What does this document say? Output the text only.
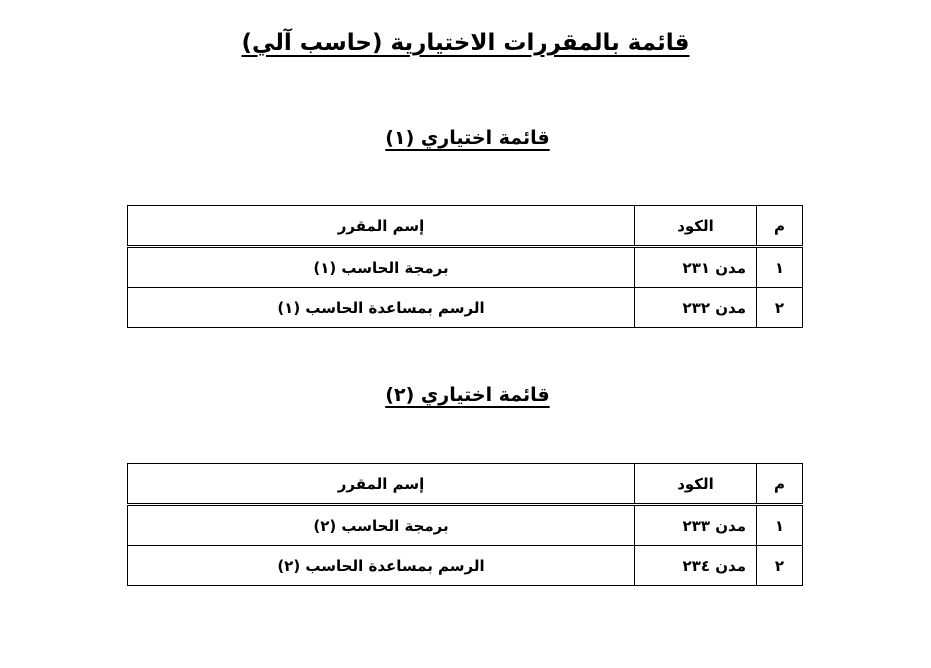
قائمة بالمقررات الاختيارية (حاسب آلي)
قائمة اختياري (١)
م	الكود	إسم المقرر
١	مدن ٢٣١	برمجة الحاسب (١)
٢	مدن ٢٣٢	الرسم بمساعدة الحاسب (١)
قائمة اختياري (٢)
م	الكود	إسم المقرر
١	مدن ٢٣٣	برمجة الحاسب (٢)
٢	مدن ٢٣٤	الرسم بمساعدة الحاسب (٢)
